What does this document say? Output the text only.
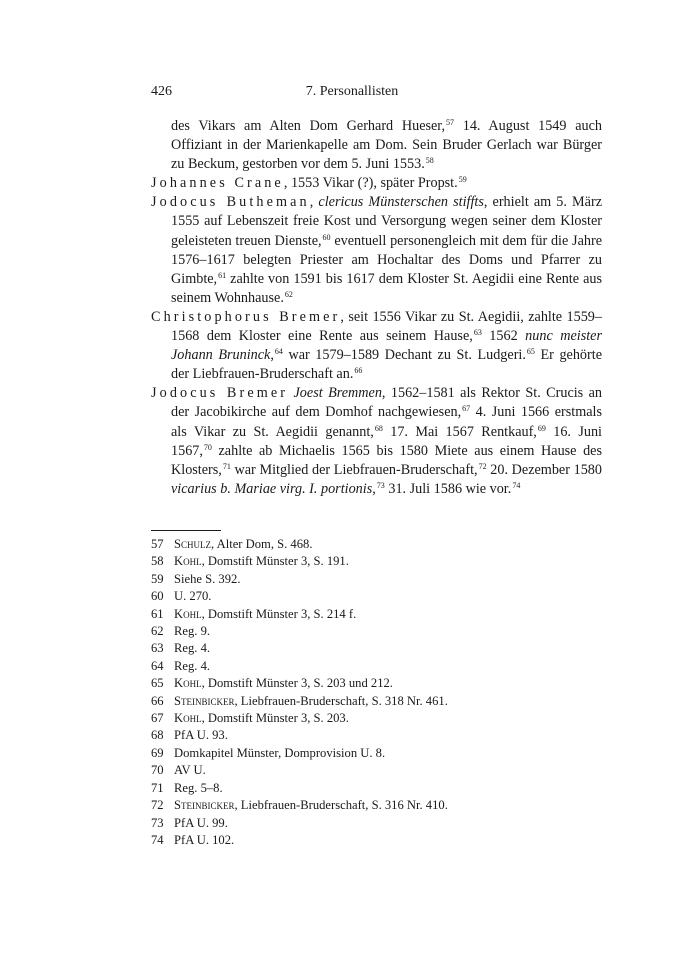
426	7. Personallisten

des Vikars am Alten Dom Gerhard Hueser,$^{57}$ 14. August 1549 auch Offiziant in der Marienkapelle am Dom. Sein Bruder Gerlach war Bürger zu Beckum, gestorben vor dem 5. Juni 1553.58

Johannes Crane, 1553 Vikar (?), später Propst.$^{59}$

Jodocus Butheman, clericus Münsterschen stiffts, erhielt am 5. März 1555 auf Lebenszeit freie Kost und Versorgung wegen seiner dem Kloster geleisteten treuen Dienste,$^{60}$ eventuell personengleich mit dem für die Jahre 1576–1617 belegten Priester am Hochaltar des Doms und Pfarrer zu Gimbte,$^{61}$ zahlte von 1591 bis 1617 dem Kloster St. Aegidii eine Rente aus seinem Wohnhause.$^{62}$

Christophorus Bremer, seit 1556 Vikar zu St. Aegidii, zahlte 1559–1568 dem Kloster eine Rente aus seinem Hause,$^{63}$ 1562 nunc meister Johann Bruninck,$^{64}$ war 1579–1589 Dechant zu St. Ludgeri.$^{65}$ Er gehörte der Liebfrauen-Bruderschaft an.$^{66}$

Jodocus Bremer Joest Bremmen, 1562–1581 als Rektor St. Crucis an der Jacobikirche auf dem Domhof nachgewiesen,$^{67}$ 4. Juni 1566 erstmals als Vikar zu St. Aegidii genannt,$^{68}$ 17. Mai 1567 Rentkauf,$^{69}$ 16. Juni 1567,70 zahlte ab Michaelis 1565 bis 1580 Miete aus einem Hause des Klosters,$^{71}$ war Mitglied der Liebfrauen-Bruderschaft,$^{72}$ 20. Dezember 1580 vicarius b. Mariae virg. I. portionis,$^{73}$ 31. Juli 1586 wie vor.$^{74}$

57 Schulz, Alter Dom, S. 468.
58 Kohl, Domstift Münster 3, S. 191.
59 Siehe S. 392.
60 U. 270.
61 Kohl, Domstift Münster 3, S. 214 f.
62 Reg. 9.
63 Reg. 4.
64 Reg. 4.
65 Kohl, Domstift Münster 3, S. 203 und 212.
66 Steinbicker, Liebfrauen-Bruderschaft, S. 318 Nr. 461.
67 Kohl, Domstift Münster 3, S. 203.
68 PfA U. 93.
69 Domkapitel Münster, Domprovision U. 8.
70 AV U.
71 Reg. 5–8.
72 Steinbicker, Liebfrauen-Bruderschaft, S. 316 Nr. 410.
73 PfA U. 99.
74 PfA U. 102.
